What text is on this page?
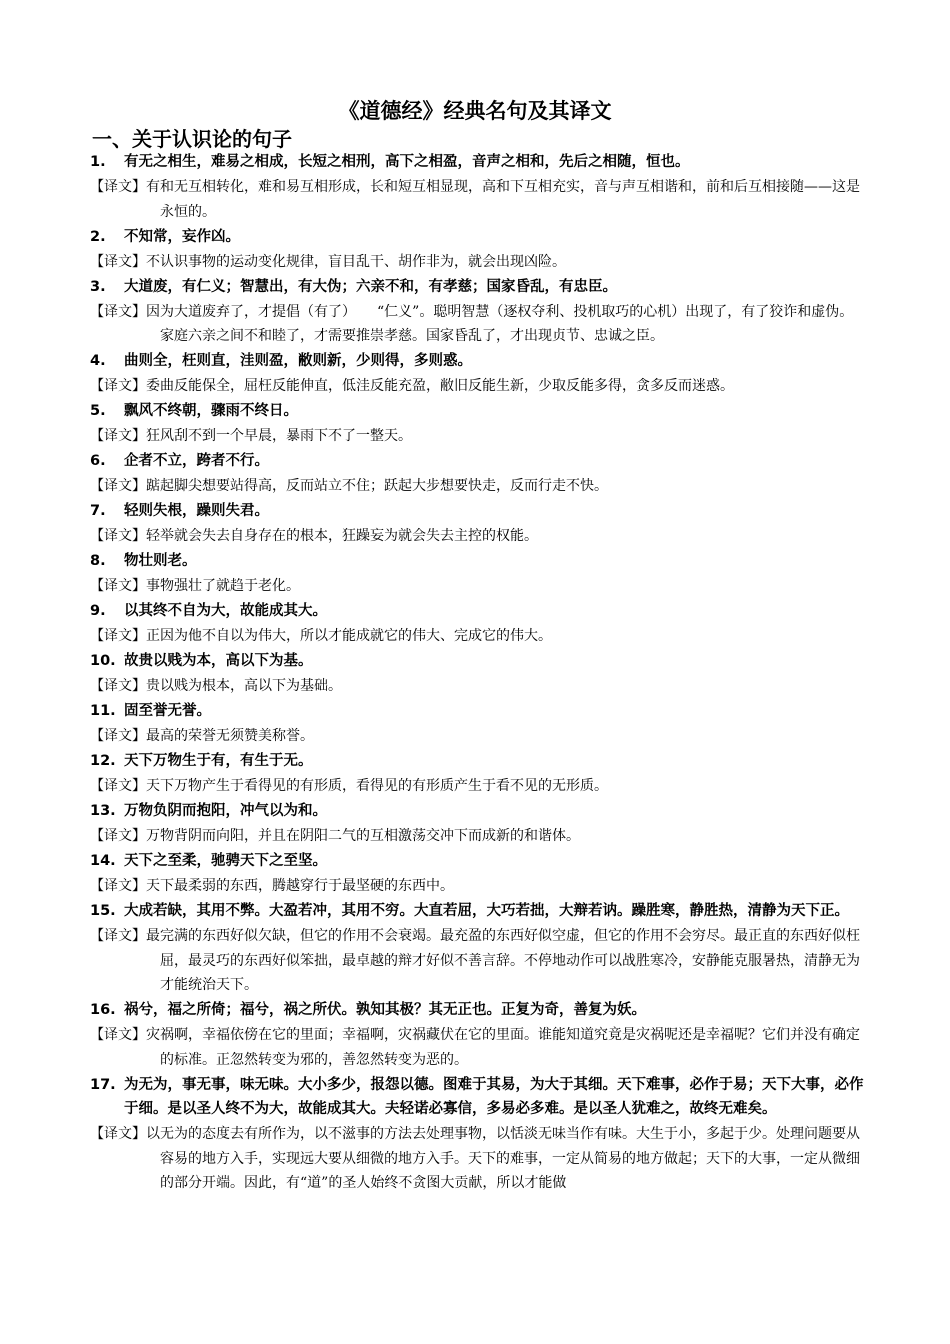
《道德经》经典名句及其译文
一、关于认识论的句子
1. 有无之相生，难易之相成，长短之相刑，高下之相盈，音声之相和，先后之相随，恒也。
【译文】有和无互相转化，难和易互相形成，长和短互相显现，高和下互相充实，音与声互相谐和，前和后互相接随——这是永恒的。
2. 不知常，妄作凶。
【译文】不认识事物的运动变化规律，盲目乱干、胡作非为，就会出现凶险。
3. 大道废，有仁义；智慧出，有大伪；六亲不和，有孝慈；国家昏乱，有忠臣。
【译文】因为大道废弃了，才提倡（有了）　　“仁义”。聪明智慧（逐权夺利、投机取巧的心机）出现了，有了狡诈和虚伪。家庭六亲之间不和睦了，才需要推崇孝慈。国家昏乱了，才出现贞节、忠诚之臣。
4. 曲则全，枉则直，洼则盈，敝则新，少则得，多则惑。
【译文】委曲反能保全，屈枉反能伸直，低洼反能充盈，敝旧反能生新，少取反能多得，贪多反而迷惑。
5. 飘风不终朝，骤雨不终日。
【译文】狂风刮不到一个早晨，暴雨下不了一整天。
6. 企者不立，跨者不行。
【译文】踮起脚尖想要站得高，反而站立不住；跃起大步想要快走，反而行走不快。
7. 轻则失根，躁则失君。
【译文】轻举就会失去自身存在的根本，狂躁妄为就会失去主控的权能。
8. 物壮则老。
【译文】事物强壮了就趋于老化。
9. 以其终不自为大，故能成其大。
【译文】正因为他不自以为伟大，所以才能成就它的伟大、完成它的伟大。
10. 故贵以贱为本，高以下为基。
【译文】贵以贱为根本，高以下为基础。
11. 固至誉无誉。
【译文】最高的荣誉无须赞美称誉。
12. 天下万物生于有，有生于无。
【译文】天下万物产生于看得见的有形质，看得见的有形质产生于看不见的无形质。
13. 万物负阴而抱阳，冲气以为和。
【译文】万物背阴而向阳，并且在阴阳二气的互相激荡交冲下而成新的和谐体。
14. 天下之至柔，驰骋天下之至坚。
【译文】天下最柔弱的东西，腾越穿行于最坚硬的东西中。
15. 大成若缺，其用不弊。大盈若冲，其用不穷。大直若屈，大巧若拙，大辩若讷。躁胜寒，静胜热，清静为天下正。
【译文】最完满的东西好似欠缺，但它的作用不会衰竭。最充盈的东西好似空虚，但它的作用不会穷尽。最正直的东西好似枉屈，最灵巧的东西好似笨拙，最卓越的辩才好似不善言辞。不停地动作可以战胜寒冷，安静能克服暑热，清静无为才能统治天下。
16. 祸兮，福之所倚；福兮，祸之所伏。孰知其极？其无正也。正复为奇，善复为妖。
【译文】灾祸啊，幸福依傍在它的里面；幸福啊，灾祸藏伏在它的里面。谁能知道究竟是灾祸呢还是幸福呢？它们并没有确定的标准。正忽然转变为邪的，善忽然转变为恶的。
17. 为无为，事无事，味无味。大小多少，报怨以德。图难于其易，为大于其细。天下难事，必作于易；天下大事，必作于细。是以圣人终不为大，故能成其大。夫轻诺必寡信，多易必多难。是以圣人犹难之，故终无难矣。
【译文】以无为的态度去有所作为，以不滋事的方法去处理事物，以恬淡无味当作有味。大生于小，多起于少。处理问题要从容易的地方入手，实现远大要从细微的地方入手。天下的难事，一定从简易的地方做起；天下的大事，一定从微细的部分开端。因此，有“道”的圣人始终不贪图大贡献，所以才能做
